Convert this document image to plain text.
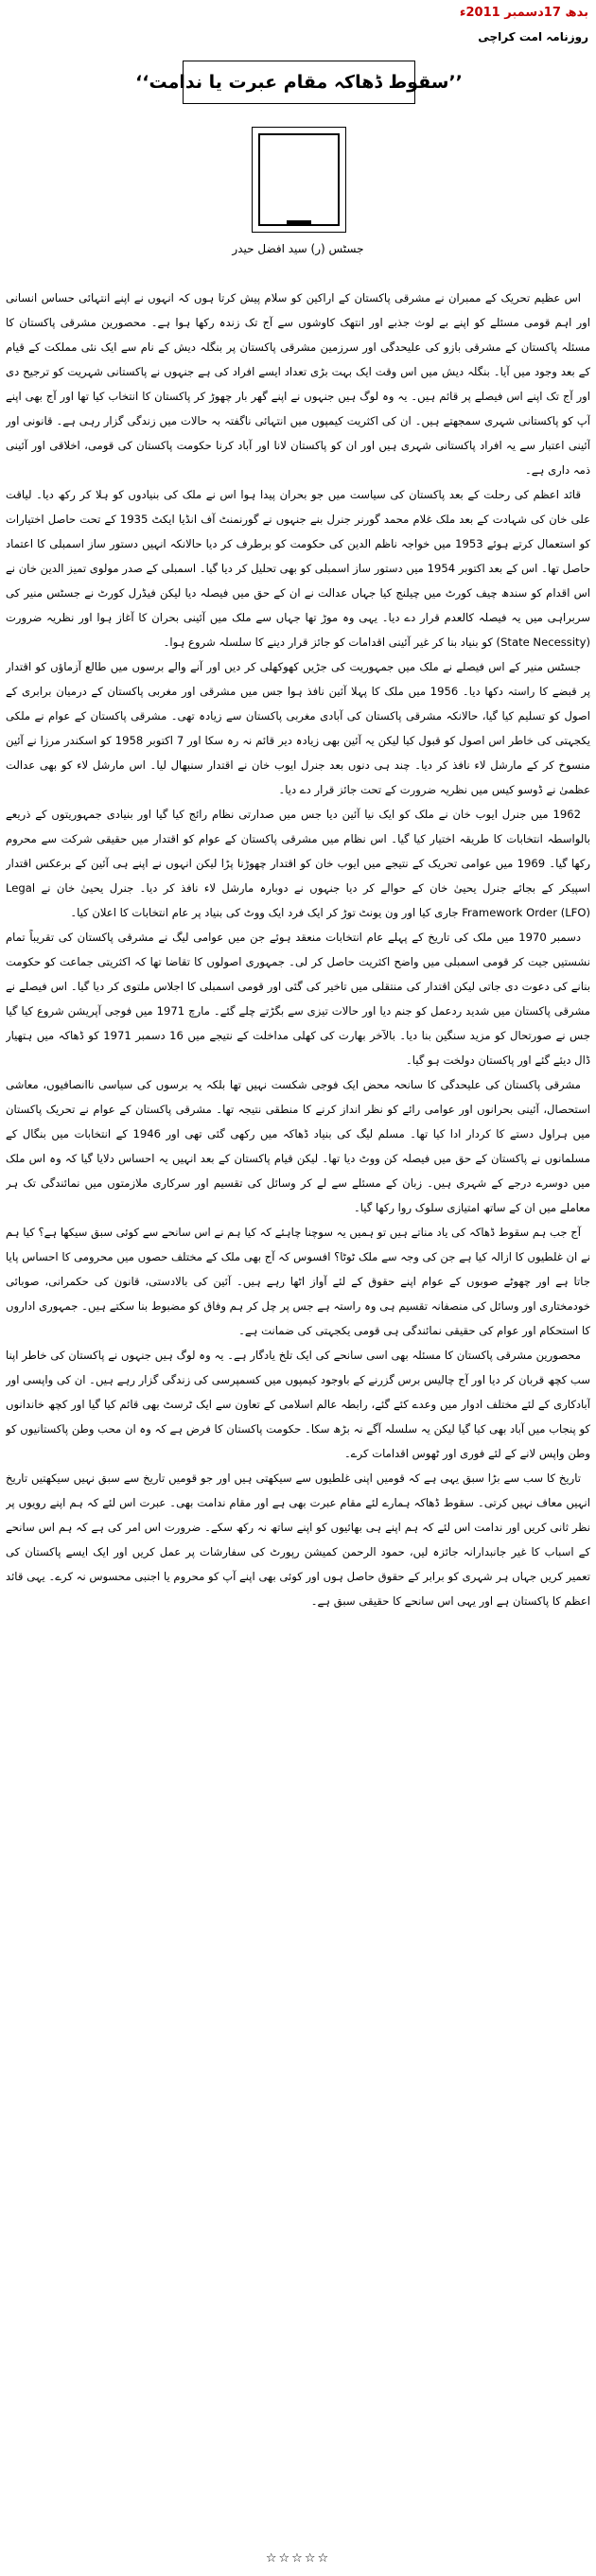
بدھ 17دسمبر 2011ء
روزنامہ امت کراچی
’’سقوط ڈھاکہ مقام عبرت یا ندامت‘‘
جسٹس (ر) سید افضل حیدر

اس عظیم تحریک کے ممبران نے مشرقی پاکستان کے اراکین کو سلام پیش کرتا ہوں کہ انہوں نے اپنے انتہائی حساس انسانی اور اہم قومی مسئلے کو اپنے بے لوث جذبے اور انتھک کاوشوں سے آج تک زندہ رکھا ہوا ہے۔ محصورین مشرقی پاکستان کا مسئلہ پاکستان کے مشرقی بازو کی علیحدگی اور سرزمین مشرقی پاکستان پر بنگلہ دیش کے نام سے ایک نئی مملکت کے قیام کے بعد وجود میں آیا۔ بنگلہ دیش میں اس وقت ایک بہت بڑی تعداد ایسے افراد کی ہے جنہوں نے پاکستانی شہریت کو ترجیح دی اور آج تک اپنے اس فیصلے پر قائم ہیں۔ یہ وہ لوگ ہیں جنہوں نے اپنے گھر بار چھوڑ کر پاکستان کا انتخاب کیا تھا اور آج بھی اپنے آپ کو پاکستانی شہری سمجھتے ہیں۔ ان کی اکثریت کیمپوں میں انتہائی ناگفتہ بہ حالات میں زندگی گزار رہی ہے۔ قانونی اور آئینی اعتبار سے یہ افراد پاکستانی شہری ہیں اور ان کو پاکستان لانا اور آباد کرنا حکومت پاکستان کی قومی، اخلاقی اور آئینی ذمہ داری ہے۔

قائد اعظم کی رحلت کے بعد پاکستان کی سیاست میں جو بحران پیدا ہوا اس نے ملک کی بنیادوں کو ہلا کر رکھ دیا۔ لیاقت علی خان کی شہادت کے بعد ملک غلام محمد گورنر جنرل بنے جنہوں نے گورنمنٹ آف انڈیا ایکٹ 1935 کے تحت حاصل اختیارات کو استعمال کرتے ہوئے 1953 میں خواجہ ناظم الدین کی حکومت کو برطرف کر دیا حالانکہ انہیں دستور ساز اسمبلی کا اعتماد حاصل تھا۔ اس کے بعد اکتوبر 1954 میں دستور ساز اسمبلی کو بھی تحلیل کر دیا گیا۔ اسمبلی کے صدر مولوی تمیز الدین خان نے اس اقدام کو سندھ چیف کورٹ میں چیلنج کیا جہاں عدالت نے ان کے حق میں فیصلہ دیا لیکن فیڈرل کورٹ نے جسٹس منیر کی سربراہی میں یہ فیصلہ کالعدم قرار دے دیا۔ یہی وہ موڑ تھا جہاں سے ملک میں آئینی بحران کا آغاز ہوا اور نظریہ ضرورت (State Necessity) کو بنیاد بنا کر غیر آئینی اقدامات کو جائز قرار دینے کا سلسلہ شروع ہوا۔

جسٹس منیر کے اس فیصلے نے ملک میں جمہوریت کی جڑیں کھوکھلی کر دیں اور آنے والے برسوں میں طالع آزماؤں کو اقتدار پر قبضے کا راستہ دکھا دیا۔ 1956 میں ملک کا پہلا آئین نافذ ہوا جس میں مشرقی اور مغربی پاکستان کے درمیان برابری کے اصول کو تسلیم کیا گیا، حالانکہ مشرقی پاکستان کی آبادی مغربی پاکستان سے زیادہ تھی۔ مشرقی پاکستان کے عوام نے ملکی یکجہتی کی خاطر اس اصول کو قبول کیا لیکن یہ آئین بھی زیادہ دیر قائم نہ رہ سکا اور 7 اکتوبر 1958 کو اسکندر مرزا نے آئین منسوخ کر کے مارشل لاء نافذ کر دیا۔ چند ہی دنوں بعد جنرل ایوب خان نے اقتدار سنبھال لیا۔ اس مارشل لاء کو بھی عدالت عظمیٰ نے ڈوسو کیس میں نظریہ ضرورت کے تحت جائز قرار دے دیا۔

1962 میں جنرل ایوب خان نے ملک کو ایک نیا آئین دیا جس میں صدارتی نظام رائج کیا گیا اور بنیادی جمہوریتوں کے ذریعے بالواسطہ انتخابات کا طریقہ اختیار کیا گیا۔ اس نظام میں مشرقی پاکستان کے عوام کو اقتدار میں حقیقی شرکت سے محروم رکھا گیا۔ 1969 میں عوامی تحریک کے نتیجے میں ایوب خان کو اقتدار چھوڑنا پڑا لیکن انہوں نے اپنے ہی آئین کے برعکس اقتدار اسپیکر کے بجائے جنرل یحییٰ خان کے حوالے کر دیا جنہوں نے دوبارہ مارشل لاء نافذ کر دیا۔ جنرل یحییٰ خان نے Legal Framework Order (LFO) جاری کیا اور ون یونٹ توڑ کر ایک فرد ایک ووٹ کی بنیاد پر عام انتخابات کا اعلان کیا۔

دسمبر 1970 میں ملک کی تاریخ کے پہلے عام انتخابات منعقد ہوئے جن میں عوامی لیگ نے مشرقی پاکستان کی تقریباً تمام نشستیں جیت کر قومی اسمبلی میں واضح اکثریت حاصل کر لی۔ جمہوری اصولوں کا تقاضا تھا کہ اکثریتی جماعت کو حکومت بنانے کی دعوت دی جاتی لیکن اقتدار کی منتقلی میں تاخیر کی گئی اور قومی اسمبلی کا اجلاس ملتوی کر دیا گیا۔ اس فیصلے نے مشرقی پاکستان میں شدید ردعمل کو جنم دیا اور حالات تیزی سے بگڑتے چلے گئے۔ مارچ 1971 میں فوجی آپریشن شروع کیا گیا جس نے صورتحال کو مزید سنگین بنا دیا۔ بالآخر بھارت کی کھلی مداخلت کے نتیجے میں 16 دسمبر 1971 کو ڈھاکہ میں ہتھیار ڈال دیئے گئے اور پاکستان دولخت ہو گیا۔

مشرقی پاکستان کی علیحدگی کا سانحہ محض ایک فوجی شکست نہیں تھا بلکہ یہ برسوں کی سیاسی ناانصافیوں، معاشی استحصال، آئینی بحرانوں اور عوامی رائے کو نظر انداز کرنے کا منطقی نتیجہ تھا۔ مشرقی پاکستان کے عوام نے تحریک پاکستان میں ہراول دستے کا کردار ادا کیا تھا۔ مسلم لیگ کی بنیاد ڈھاکہ میں رکھی گئی تھی اور 1946 کے انتخابات میں بنگال کے مسلمانوں نے پاکستان کے حق میں فیصلہ کن ووٹ دیا تھا۔ لیکن قیام پاکستان کے بعد انہیں یہ احساس دلایا گیا کہ وہ اس ملک میں دوسرے درجے کے شہری ہیں۔ زبان کے مسئلے سے لے کر وسائل کی تقسیم اور سرکاری ملازمتوں میں نمائندگی تک ہر معاملے میں ان کے ساتھ امتیازی سلوک روا رکھا گیا۔

آج جب ہم سقوط ڈھاکہ کی یاد مناتے ہیں تو ہمیں یہ سوچنا چاہئے کہ کیا ہم نے اس سانحے سے کوئی سبق سیکھا ہے؟ کیا ہم نے ان غلطیوں کا ازالہ کیا ہے جن کی وجہ سے ملک ٹوٹا؟ افسوس کہ آج بھی ملک کے مختلف حصوں میں محرومی کا احساس پایا جاتا ہے اور چھوٹے صوبوں کے عوام اپنے حقوق کے لئے آواز اٹھا رہے ہیں۔ آئین کی بالادستی، قانون کی حکمرانی، صوبائی خودمختاری اور وسائل کی منصفانہ تقسیم ہی وہ راستہ ہے جس پر چل کر ہم وفاق کو مضبوط بنا سکتے ہیں۔ جمہوری اداروں کا استحکام اور عوام کی حقیقی نمائندگی ہی قومی یکجہتی کی ضمانت ہے۔

محصورین مشرقی پاکستان کا مسئلہ بھی اسی سانحے کی ایک تلخ یادگار ہے۔ یہ وہ لوگ ہیں جنہوں نے پاکستان کی خاطر اپنا سب کچھ قربان کر دیا اور آج چالیس برس گزرنے کے باوجود کیمپوں میں کسمپرسی کی زندگی گزار رہے ہیں۔ ان کی واپسی اور آبادکاری کے لئے مختلف ادوار میں وعدے کئے گئے، رابطہ عالم اسلامی کے تعاون سے ایک ٹرسٹ بھی قائم کیا گیا اور کچھ خاندانوں کو پنجاب میں آباد بھی کیا گیا لیکن یہ سلسلہ آگے نہ بڑھ سکا۔ حکومت پاکستان کا فرض ہے کہ وہ ان محب وطن پاکستانیوں کو وطن واپس لانے کے لئے فوری اور ٹھوس اقدامات کرے۔

تاریخ کا سب سے بڑا سبق یہی ہے کہ قومیں اپنی غلطیوں سے سیکھتی ہیں اور جو قومیں تاریخ سے سبق نہیں سیکھتیں تاریخ انہیں معاف نہیں کرتی۔ سقوط ڈھاکہ ہمارے لئے مقام عبرت بھی ہے اور مقام ندامت بھی۔ عبرت اس لئے کہ ہم اپنے رویوں پر نظر ثانی کریں اور ندامت اس لئے کہ ہم اپنے ہی بھائیوں کو اپنے ساتھ نہ رکھ سکے۔ ضرورت اس امر کی ہے کہ ہم اس سانحے کے اسباب کا غیر جانبدارانہ جائزہ لیں، حمود الرحمن کمیشن رپورٹ کی سفارشات پر عمل کریں اور ایک ایسے پاکستان کی تعمیر کریں جہاں ہر شہری کو برابر کے حقوق حاصل ہوں اور کوئی بھی اپنے آپ کو محروم یا اجنبی محسوس نہ کرے۔ یہی قائد اعظم کا پاکستان ہے اور یہی اس سانحے کا حقیقی سبق ہے۔

☆☆☆☆☆
